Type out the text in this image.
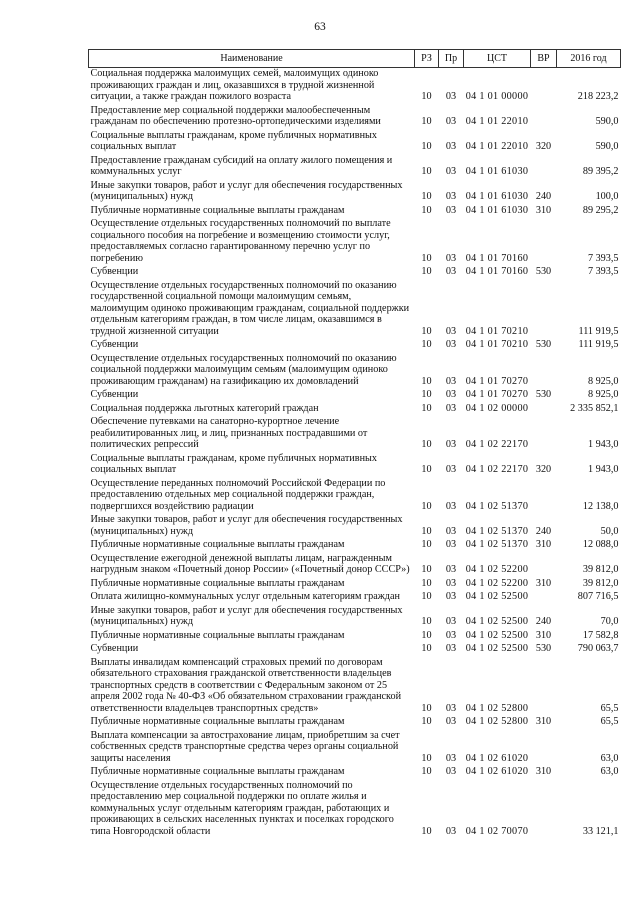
63
Наименование	РЗ	Пр	ЦСТ	ВР	2016 год
Социальная поддержка малоимущих семей, малоимущих одиноко проживающих граждан и лиц, оказавшихся в трудной жизненной ситуации, а также граждан пожилого возраста	10	03	04 1 01 00000		218 223,2
Предоставление мер социальной поддержки малообеспеченным гражданам по обеспечению протезно-ортопедическими изделиями	10	03	04 1 01 22010		590,0
Социальные выплаты гражданам, кроме публичных нормативных социальных выплат	10	03	04 1 01 22010	320	590,0
Предоставление гражданам субсидий на оплату жилого помещения и коммунальных услуг	10	03	04 1 01 61030		89 395,2
Иные закупки товаров, работ и услуг для обеспечения государственных (муниципальных) нужд	10	03	04 1 01 61030	240	100,0
Публичные нормативные социальные выплаты гражданам	10	03	04 1 01 61030	310	89 295,2
Осуществление отдельных государственных полномочий по выплате социального пособия на погребение и возмещению стоимости услуг, предоставляемых согласно гарантированному перечню услуг по погребению	10	03	04 1 01 70160		7 393,5
Субвенции	10	03	04 1 01 70160	530	7 393,5
Осуществление отдельных государственных полномочий по оказанию государственной социальной помощи малоимущим семьям, малоимущим одиноко проживающим гражданам, социальной поддержки отдельным категориям граждан, в том числе лицам, оказавшимся в трудной жизненной ситуации	10	03	04 1 01 70210		111 919,5
Субвенции	10	03	04 1 01 70210	530	111 919,5
Осуществление отдельных государственных полномочий по оказанию социальной поддержки малоимущим семьям (малоимущим одиноко проживающим гражданам) на газификацию их домовладений	10	03	04 1 01 70270		8 925,0
Субвенции	10	03	04 1 01 70270	530	8 925,0
Социальная поддержка льготных категорий граждан	10	03	04 1 02 00000		2 335 852,1
Обеспечение путевками на санаторно-курортное лечение реабилитированных лиц, и лиц, признанных пострадавшими от политических репрессий	10	03	04 1 02 22170		1 943,0
Социальные выплаты гражданам, кроме публичных нормативных социальных выплат	10	03	04 1 02 22170	320	1 943,0
Осуществление переданных полномочий Российской Федерации по предоставлению отдельных мер социальной поддержки граждан, подвергшихся воздействию радиации	10	03	04 1 02 51370		12 138,0
Иные закупки товаров, работ и услуг для обеспечения государственных (муниципальных) нужд	10	03	04 1 02 51370	240	50,0
Публичные нормативные социальные выплаты гражданам	10	03	04 1 02 51370	310	12 088,0
Осуществление ежегодной денежной выплаты лицам, награжденным нагрудным знаком «Почетный донор России» («Почетный донор СССР»)	10	03	04 1 02 52200		39 812,0
Публичные нормативные социальные выплаты гражданам	10	03	04 1 02 52200	310	39 812,0
Оплата жилищно-коммунальных услуг отдельным категориям граждан	10	03	04 1 02 52500		807 716,5
Иные закупки товаров, работ и услуг для обеспечения государственных (муниципальных) нужд	10	03	04 1 02 52500	240	70,0
Публичные нормативные социальные выплаты гражданам	10	03	04 1 02 52500	310	17 582,8
Субвенции	10	03	04 1 02 52500	530	790 063,7
Выплаты инвалидам компенсаций страховых премий по договорам обязательного страхования гражданской ответственности владельцев транспортных средств в соответствии с Федеральным законом от 25 апреля 2002 года № 40-ФЗ «Об обязательном страховании гражданской ответственности владельцев транспортных средств»	10	03	04 1 02 52800		65,5
Публичные нормативные социальные выплаты гражданам	10	03	04 1 02 52800	310	65,5
Выплата компенсации за автострахование лицам, приобретшим за счет собственных средств транспортные средства через органы социальной защиты населения	10	03	04 1 02 61020		63,0
Публичные нормативные социальные выплаты гражданам	10	03	04 1 02 61020	310	63,0
Осуществление отдельных государственных полномочий по предоставлению мер социальной поддержки по оплате жилья и коммунальных услуг отдельным категориям граждан, работающих и проживающих в сельских населенных пунктах и поселках городского типа Новгородской области	10	03	04 1 02 70070		33 121,1
